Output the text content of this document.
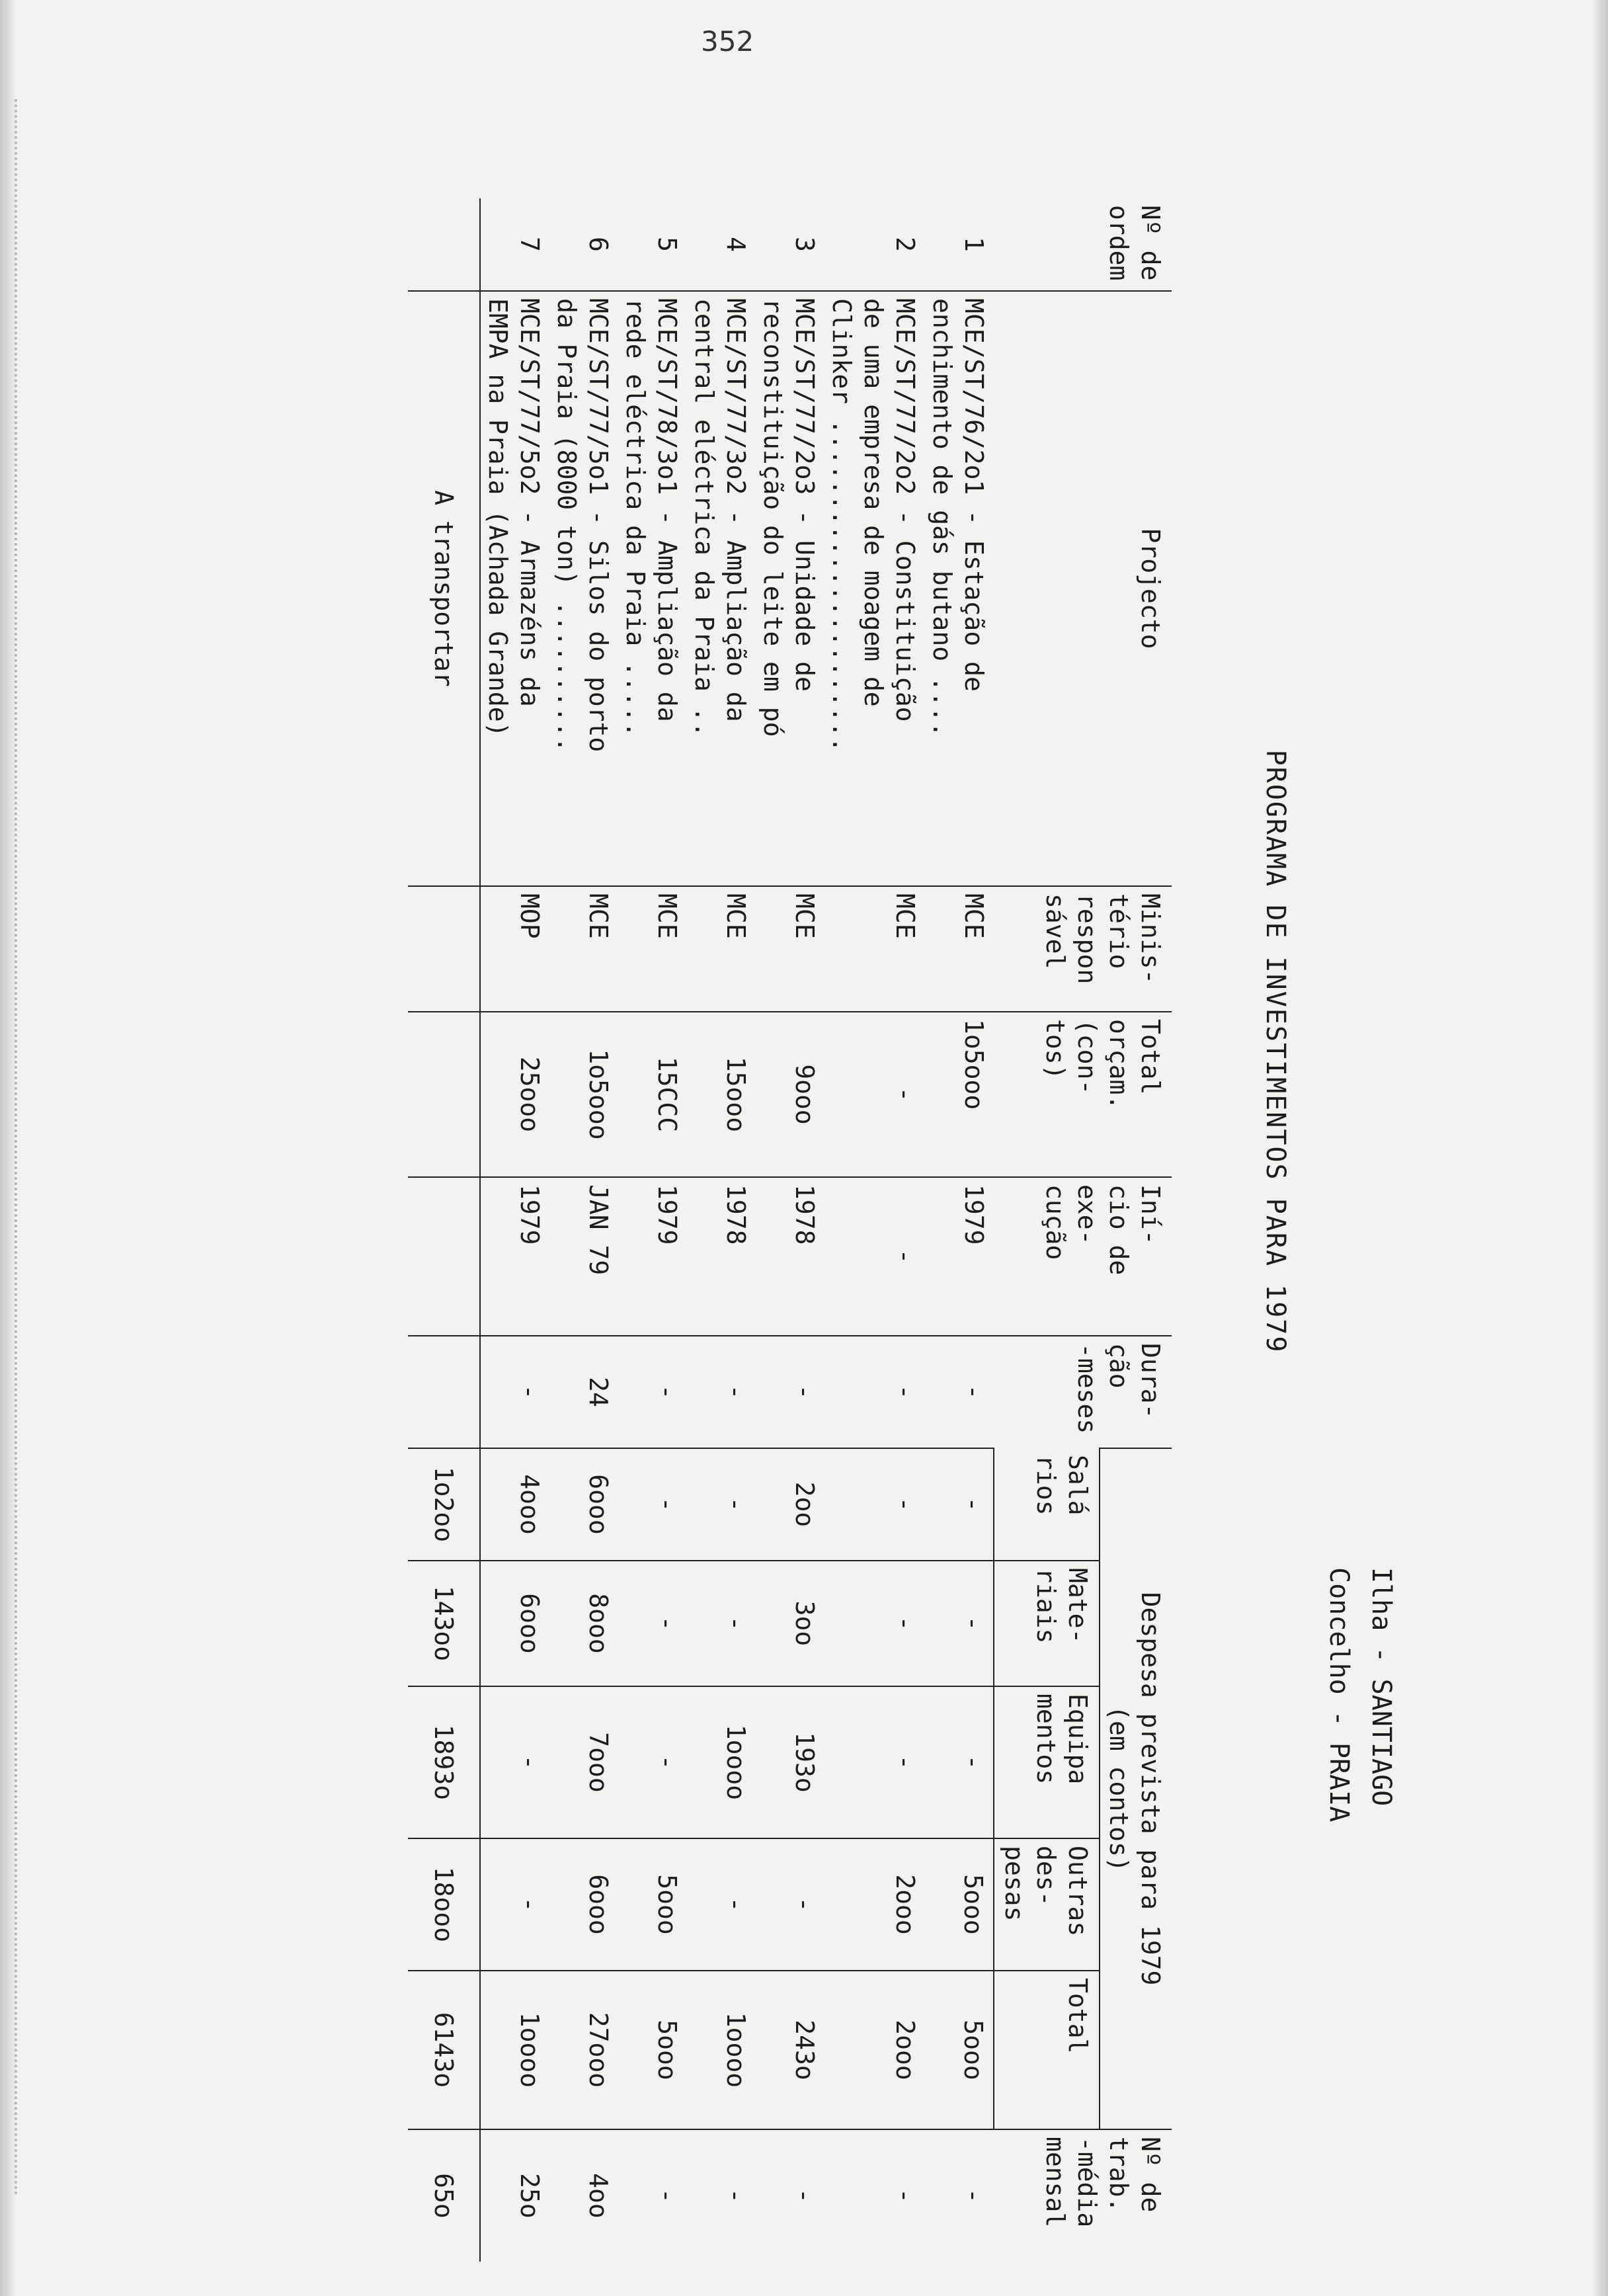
352
PROGRAMA DE INVESTIMENTOS PARA 1979
Ilha - SANTIAGO
Concelho - PRAIA
Nº de
ordem	Projecto	Minis-
tério
respon
sável	Total
orçam.
(con-
tos)	Iní-
cio de
exe-
cução	Dura-
ção
-meses	Despesa prevista para 1979
(em contos)					Nº de
trab.
-média
mensal

						Salá
rios	Mate-
riais	Equipa
mentos	Outras
des-
pesas	Total	
1	MCE/ST/76/2o1 - Estação de
enchimento de gás butano ....	MCE	1o5ooo	1979	-	-	-	-	5ooo	5ooo	-
2	MCE/ST/77/2o2 - Constituição
de uma empresa de moagem de
Clinker ......................	MCE	-	-	-	-	-	-	2ooo	2ooo	-
3	MCE/ST/77/2o3 - Unidade de
reconstituição do leite em pó	MCE	9ooo	1978	-	2oo	3oo	193o	-	243o	-
4	MCE/ST/77/3o2 - Ampliação da
central eléctrica da Praia ..	MCE	15ooo	1978	-	-	-	1oooo	-	1oooo	-
5	MCE/ST/78/3o1 - Ampliação da
rede eléctrica da Praia .....	MCE	15CCC	1979	-	-	-	-	5ooo	5ooo	-
6	MCE/ST/77/5o1 - Silos do porto
da Praia (8000 ton) ..........	MCE	1o5ooo	JAN 79	24	6ooo	8ooo	7ooo	6ooo	27ooo	4oo
7	MCE/ST/77/5o2 - Armazéns da
EMPA na Praia (Achada Grande)	MOP	25ooo	1979	-	4ooo	6ooo	-	-	1oooo	25o
	A transportar					1o2oo	143oo	1893o	18ooo	6143o	65o
